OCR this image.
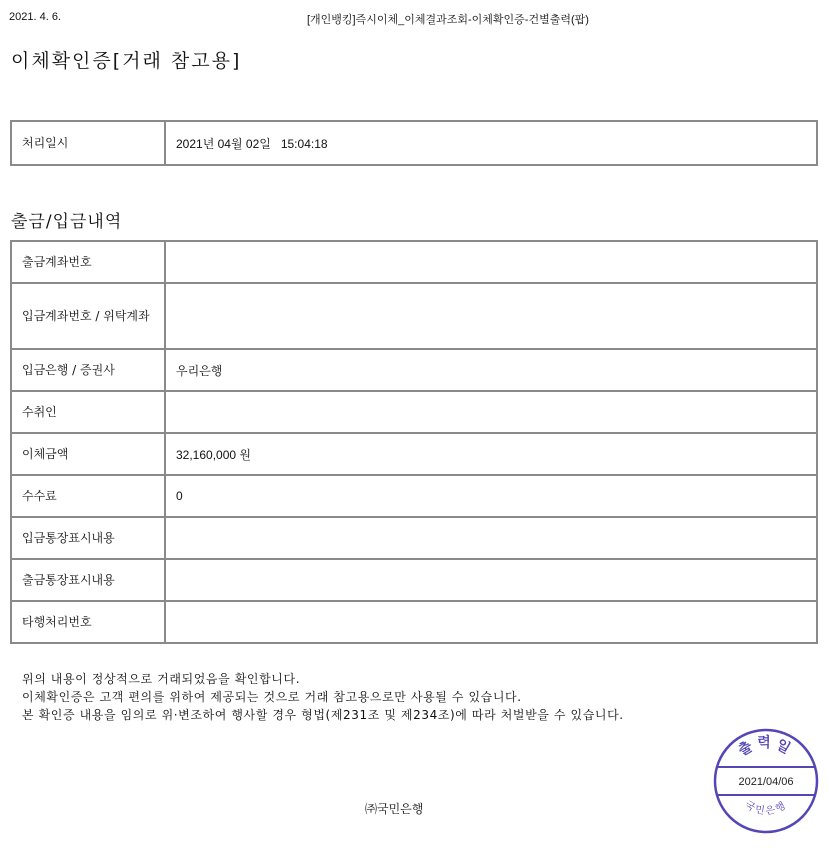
2021. 4. 6.	[개인뱅킹]즉시이체_이체결과조회-이체확인증-건별출력(팝)
이체확인증[거래 참고용]
처리일시	2021년 04월 02일   15:04:18
출금/입금내역
출금계좌번호	
입금계좌번호 / 위탁계좌	
입금은행 / 증권사	우리은행
수취인	
이체금액	32,160,000 원
수수료	0
입금통장표시내용	
출금통장표시내용	
타행처리번호	
위의 내용이 정상적으로 거래되었음을 확인합니다.
이체확인증은 고객 편의를 위하여 제공되는 것으로 거래 참고용으로만 사용될 수 있습니다.
본 확인증 내용을 임의로 위·변조하여 행사할 경우 형법(제231조 및 제234조)에 따라 처벌받을 수 있습니다.
㈜국민은행
출력일
2021/04/06
국민은행
